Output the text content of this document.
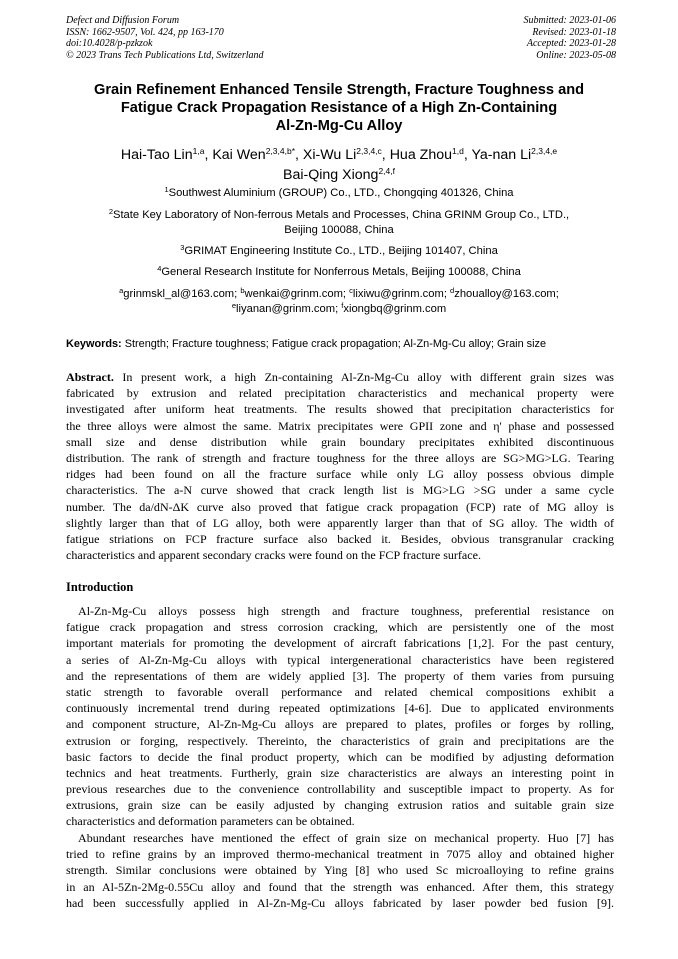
Defect and Diffusion Forum
ISSN: 1662-9507, Vol. 424, pp 163-170
doi:10.4028/p-pzkzok
© 2023 Trans Tech Publications Ltd, Switzerland
Submitted: 2023-01-06
Revised: 2023-01-18
Accepted: 2023-01-28
Online: 2023-05-08
Grain Refinement Enhanced Tensile Strength, Fracture Toughness and
Fatigue Crack Propagation Resistance of a High Zn-Containing
Al-Zn-Mg-Cu Alloy
Hai-Tao Lin$^{1,a}$, Kai Wen$^{2,3,4,b*}$, Xi-Wu Li$^{2,3,4,c}$, Hua Zhou$^{1,d}$, Ya-nan Li$^{2,3,4,e}$
Bai-Qing Xiong$^{2,4,f}$
$^1$Southwest Aluminium (GROUP) Co., LTD., Chongqing 401326, China
$^2$State Key Laboratory of Non-ferrous Metals and Processes, China GRINM Group Co., LTD.,
Beijing 100088, China
$^3$GRIMAT Engineering Institute Co., LTD., Beijing 101407, China
$^4$General Research Institute for Nonferrous Metals, Beijing 100088, China
$^a$grinmskl_al@163.com; $^b$wenkai@grinm.com; $^c$lixiwu@grinm.com; $^d$zhoualloy@163.com;
$^e$liyanan@grinm.com; $^f$xiongbq@grinm.com
Keywords: Strength; Fracture toughness; Fatigue crack propagation; Al-Zn-Mg-Cu alloy; Grain size
Abstract. In present work, a high Zn-containing Al-Zn-Mg-Cu alloy with different grain sizes was
fabricated by extrusion and related precipitation characteristics and mechanical property were
investigated after uniform heat treatments. The results showed that precipitation characteristics for
the three alloys were almost the same. Matrix precipitates were GPII zone and η' phase and possessed
small size and dense distribution while grain boundary precipitates exhibited discontinuous
distribution. The rank of strength and fracture toughness for the three alloys are SG>MG>LG. Tearing
ridges had been found on all the fracture surface while only LG alloy possess obvious dimple
characteristics. The a-N curve showed that crack length list is MG>LG >SG under a same cycle
number. The da/dN-ΔK curve also proved that fatigue crack propagation (FCP) rate of MG alloy is
slightly larger than that of LG alloy, both were apparently larger than that of SG alloy. The width of
fatigue striations on FCP fracture surface also backed it. Besides, obvious transgranular cracking
characteristics and apparent secondary cracks were found on the FCP fracture surface.
Introduction
Al-Zn-Mg-Cu alloys possess high strength and fracture toughness, preferential resistance on
fatigue crack propagation and stress corrosion cracking, which are persistently one of the most
important materials for promoting the development of aircraft fabrications [1,2]. For the past century,
a series of Al-Zn-Mg-Cu alloys with typical intergenerational characteristics have been registered
and the representations of them are widely applied [3]. The property of them varies from pursuing
static strength to favorable overall performance and related chemical compositions exhibit a
continuously incremental trend during repeated optimizations [4-6]. Due to applicated environments
and component structure, Al-Zn-Mg-Cu alloys are prepared to plates, profiles or forges by rolling,
extrusion or forging, respectively. Thereinto, the characteristics of grain and precipitations are the
basic factors to decide the final product property, which can be modified by adjusting deformation
technics and heat treatments. Furtherly, grain size characteristics are always an interesting point in
previous researches due to the convenience controllability and susceptible impact to property. As for
extrusions, grain size can be easily adjusted by changing extrusion ratios and suitable grain size
characteristics and deformation parameters can be obtained.
Abundant researches have mentioned the effect of grain size on mechanical property. Huo [7] has
tried to refine grains by an improved thermo-mechanical treatment in 7075 alloy and obtained higher
strength. Similar conclusions were obtained by Ying [8] who used Sc microalloying to refine grains
in an Al-5Zn-2Mg-0.55Cu alloy and found that the strength was enhanced. After them, this strategy
had been successfully applied in Al-Zn-Mg-Cu alloys fabricated by laser powder bed fusion [9].
